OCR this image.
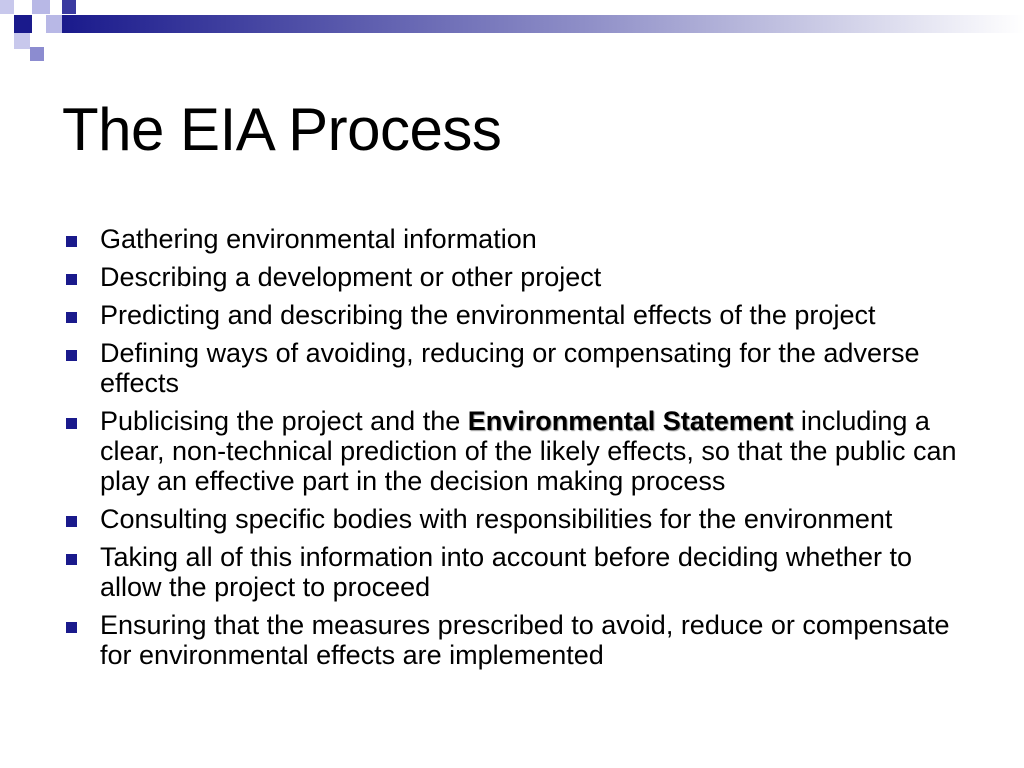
The EIA Process
Gathering environmental information
Describing a development or other project
Predicting and describing the environmental effects of the project
Defining ways of avoiding, reducing or compensating for the adverse effects
Publicising the project and the Environmental Statement including a clear, non-technical prediction of the likely effects, so that the public can play an effective part in the decision making process
Consulting specific bodies with responsibilities for the environment
Taking all of this information into account before deciding whether to allow the project to proceed
Ensuring that the measures prescribed to avoid, reduce or compensate for environmental effects are implemented
